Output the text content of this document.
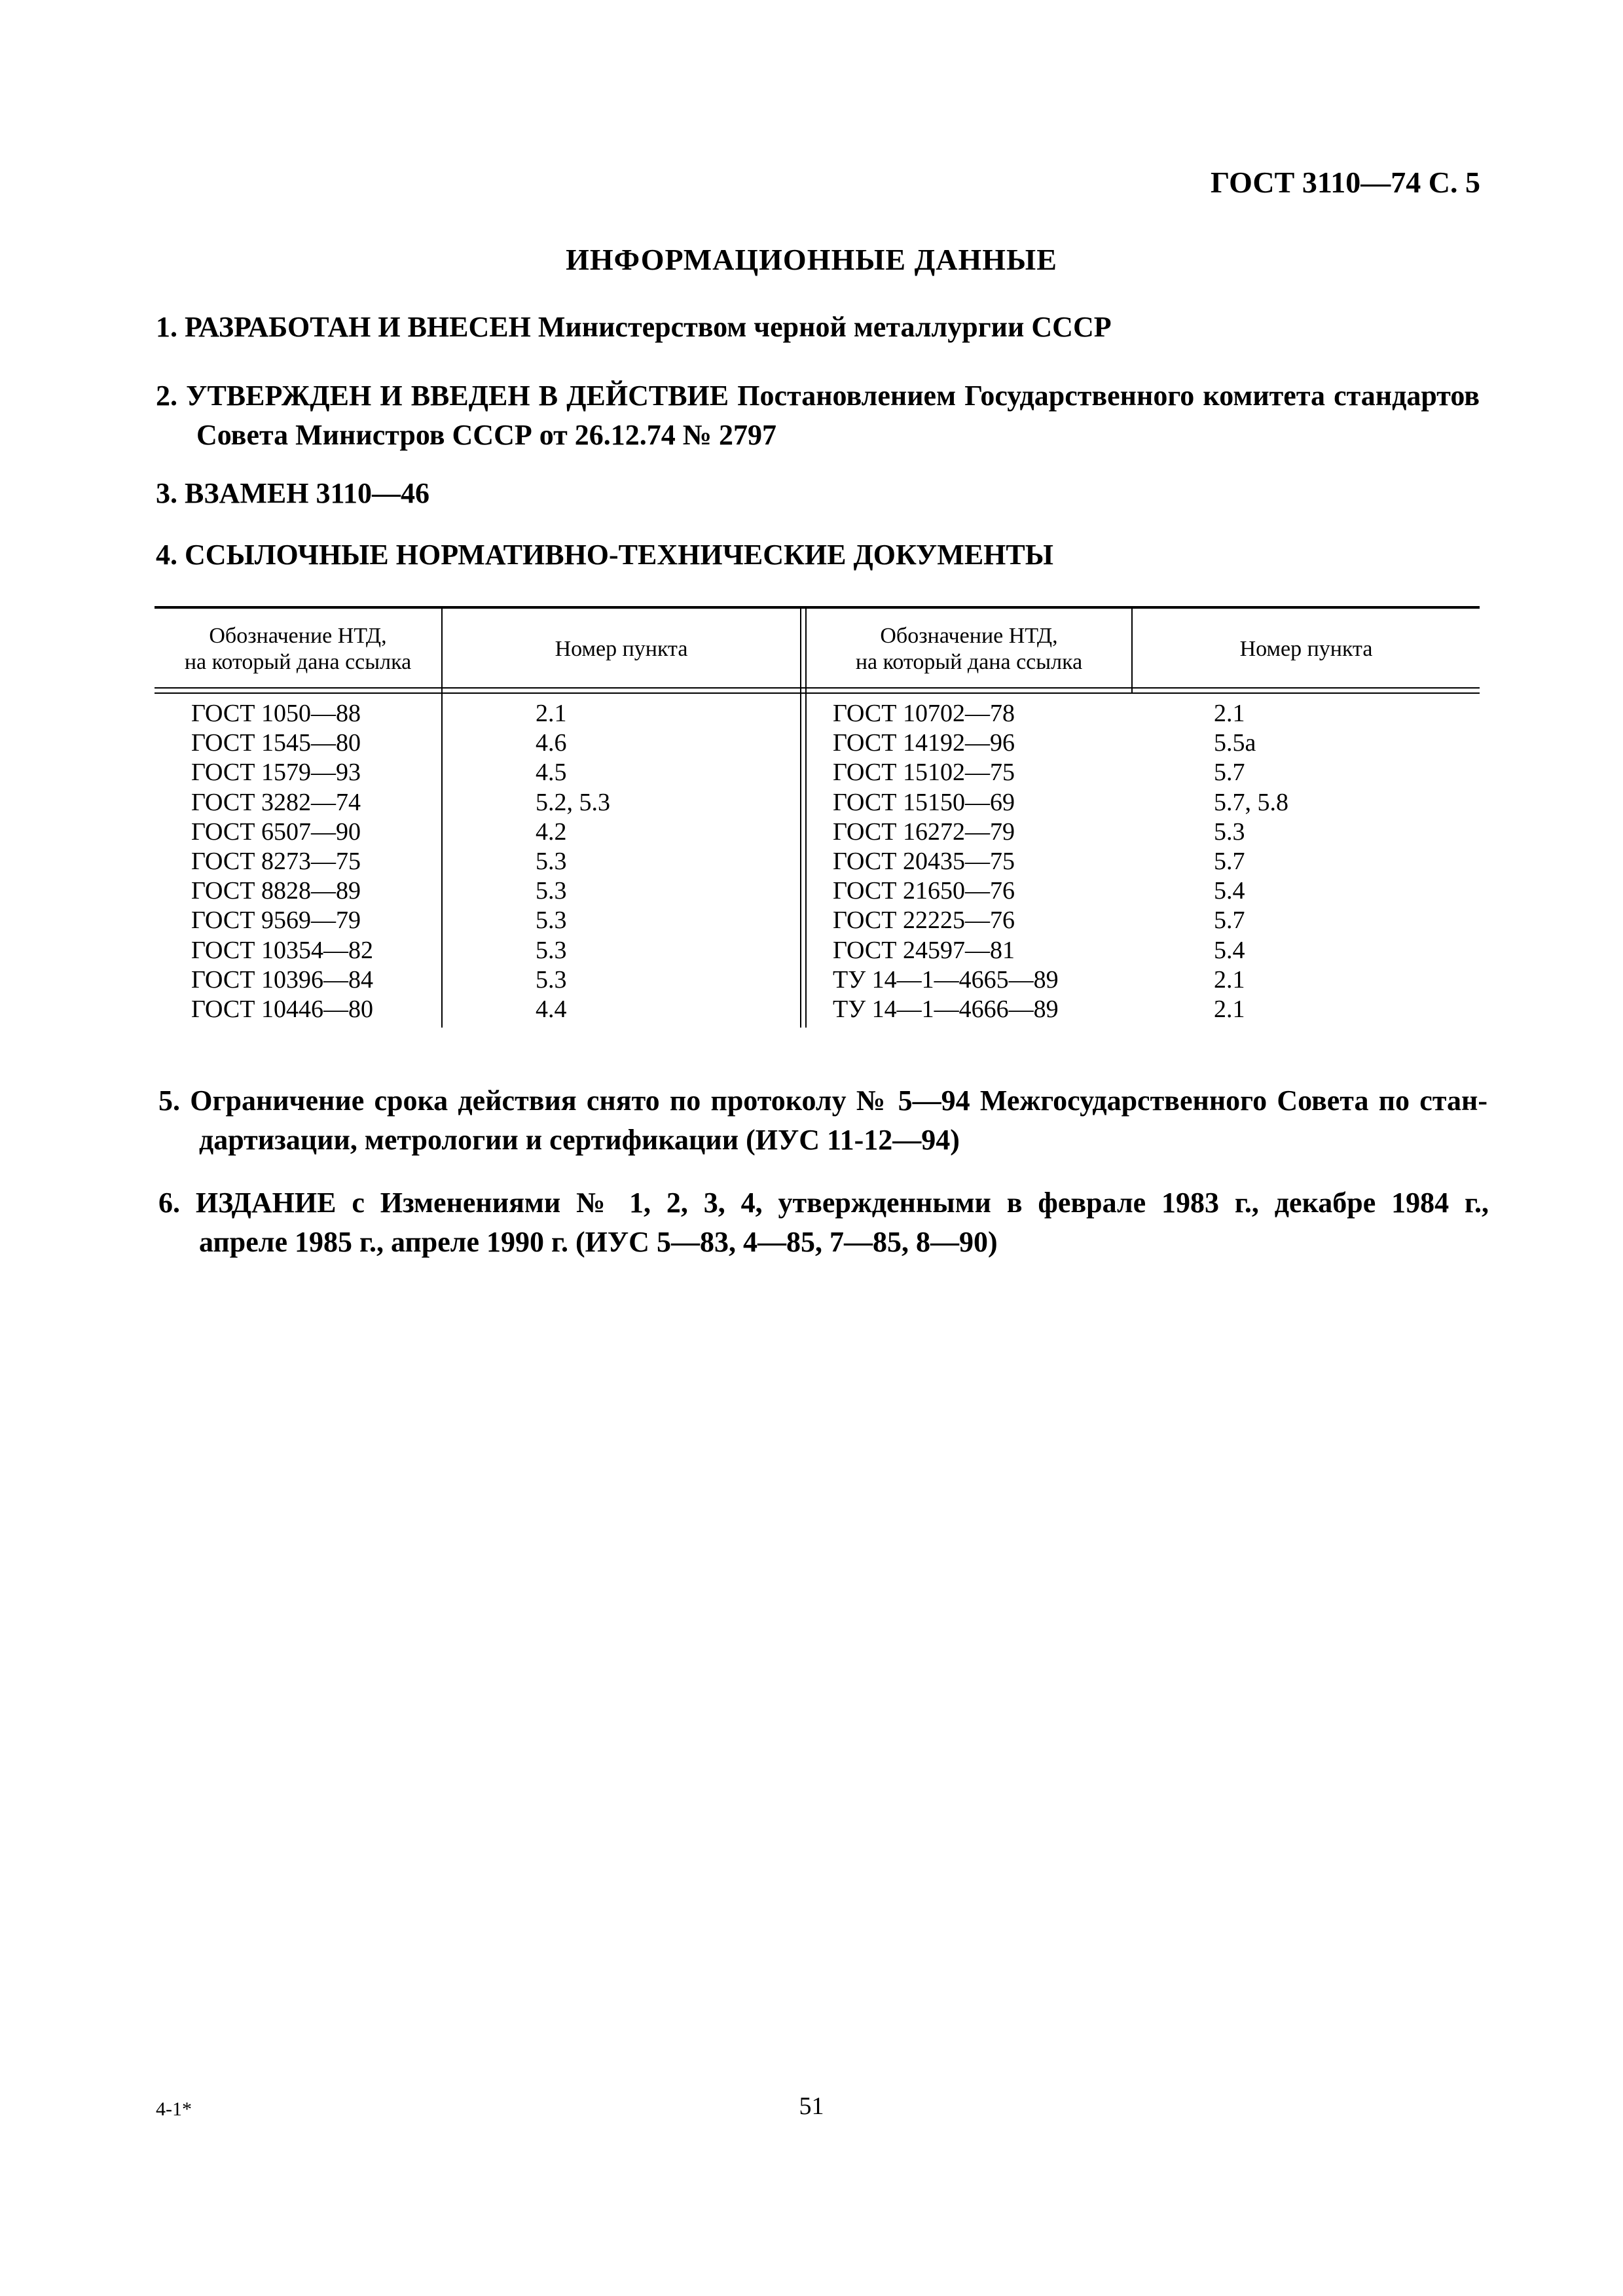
ГОСТ 3110—74 С. 5
ИНФОРМАЦИОННЫЕ ДАННЫЕ
1. РАЗРАБОТАН И ВНЕСЕН Министерством черной металлургии СССР
2. УТВЕРЖДЕН И ВВЕДЕН В ДЕЙСТВИЕ Постановлением Государственного комитета стандартов
Совета Министров СССР от 26.12.74 № 2797
3. ВЗАМЕН 3110—46
4. ССЫЛОЧНЫЕ НОРМАТИВНО-ТЕХНИЧЕСКИЕ ДОКУМЕНТЫ
Обозначение НТД,
на который дана ссылка
Номер пункта
Обозначение НТД,
на который дана ссылка
Номер пункта
ГОСТ 1050—88
ГОСТ 1545—80
ГОСТ 1579—93
ГОСТ 3282—74
ГОСТ 6507—90
ГОСТ 8273—75
ГОСТ 8828—89
ГОСТ 9569—79
ГОСТ 10354—82
ГОСТ 10396—84
ГОСТ 10446—80
2.1
4.6
4.5
5.2, 5.3
4.2
5.3
5.3
5.3
5.3
5.3
4.4
ГОСТ 10702—78
ГОСТ 14192—96
ГОСТ 15102—75
ГОСТ 15150—69
ГОСТ 16272—79
ГОСТ 20435—75
ГОСТ 21650—76
ГОСТ 22225—76
ГОСТ 24597—81
ТУ 14—1—4665—89
ТУ 14—1—4666—89
2.1
5.5а
5.7
5.7, 5.8
5.3
5.7
5.4
5.7
5.4
2.1
2.1
5. Ограничение срока действия снято по протоколу № 5—94 Межгосударственного Совета по стан-
дартизации, метрологии и сертификации (ИУС 11-12—94)
6. ИЗДАНИЕ с Изменениями № 1, 2, 3, 4, утвержденными в феврале 1983 г., декабре 1984 г.,
апреле 1985 г., апреле 1990 г. (ИУС 5—83, 4—85, 7—85, 8—90)
4-1*	51
